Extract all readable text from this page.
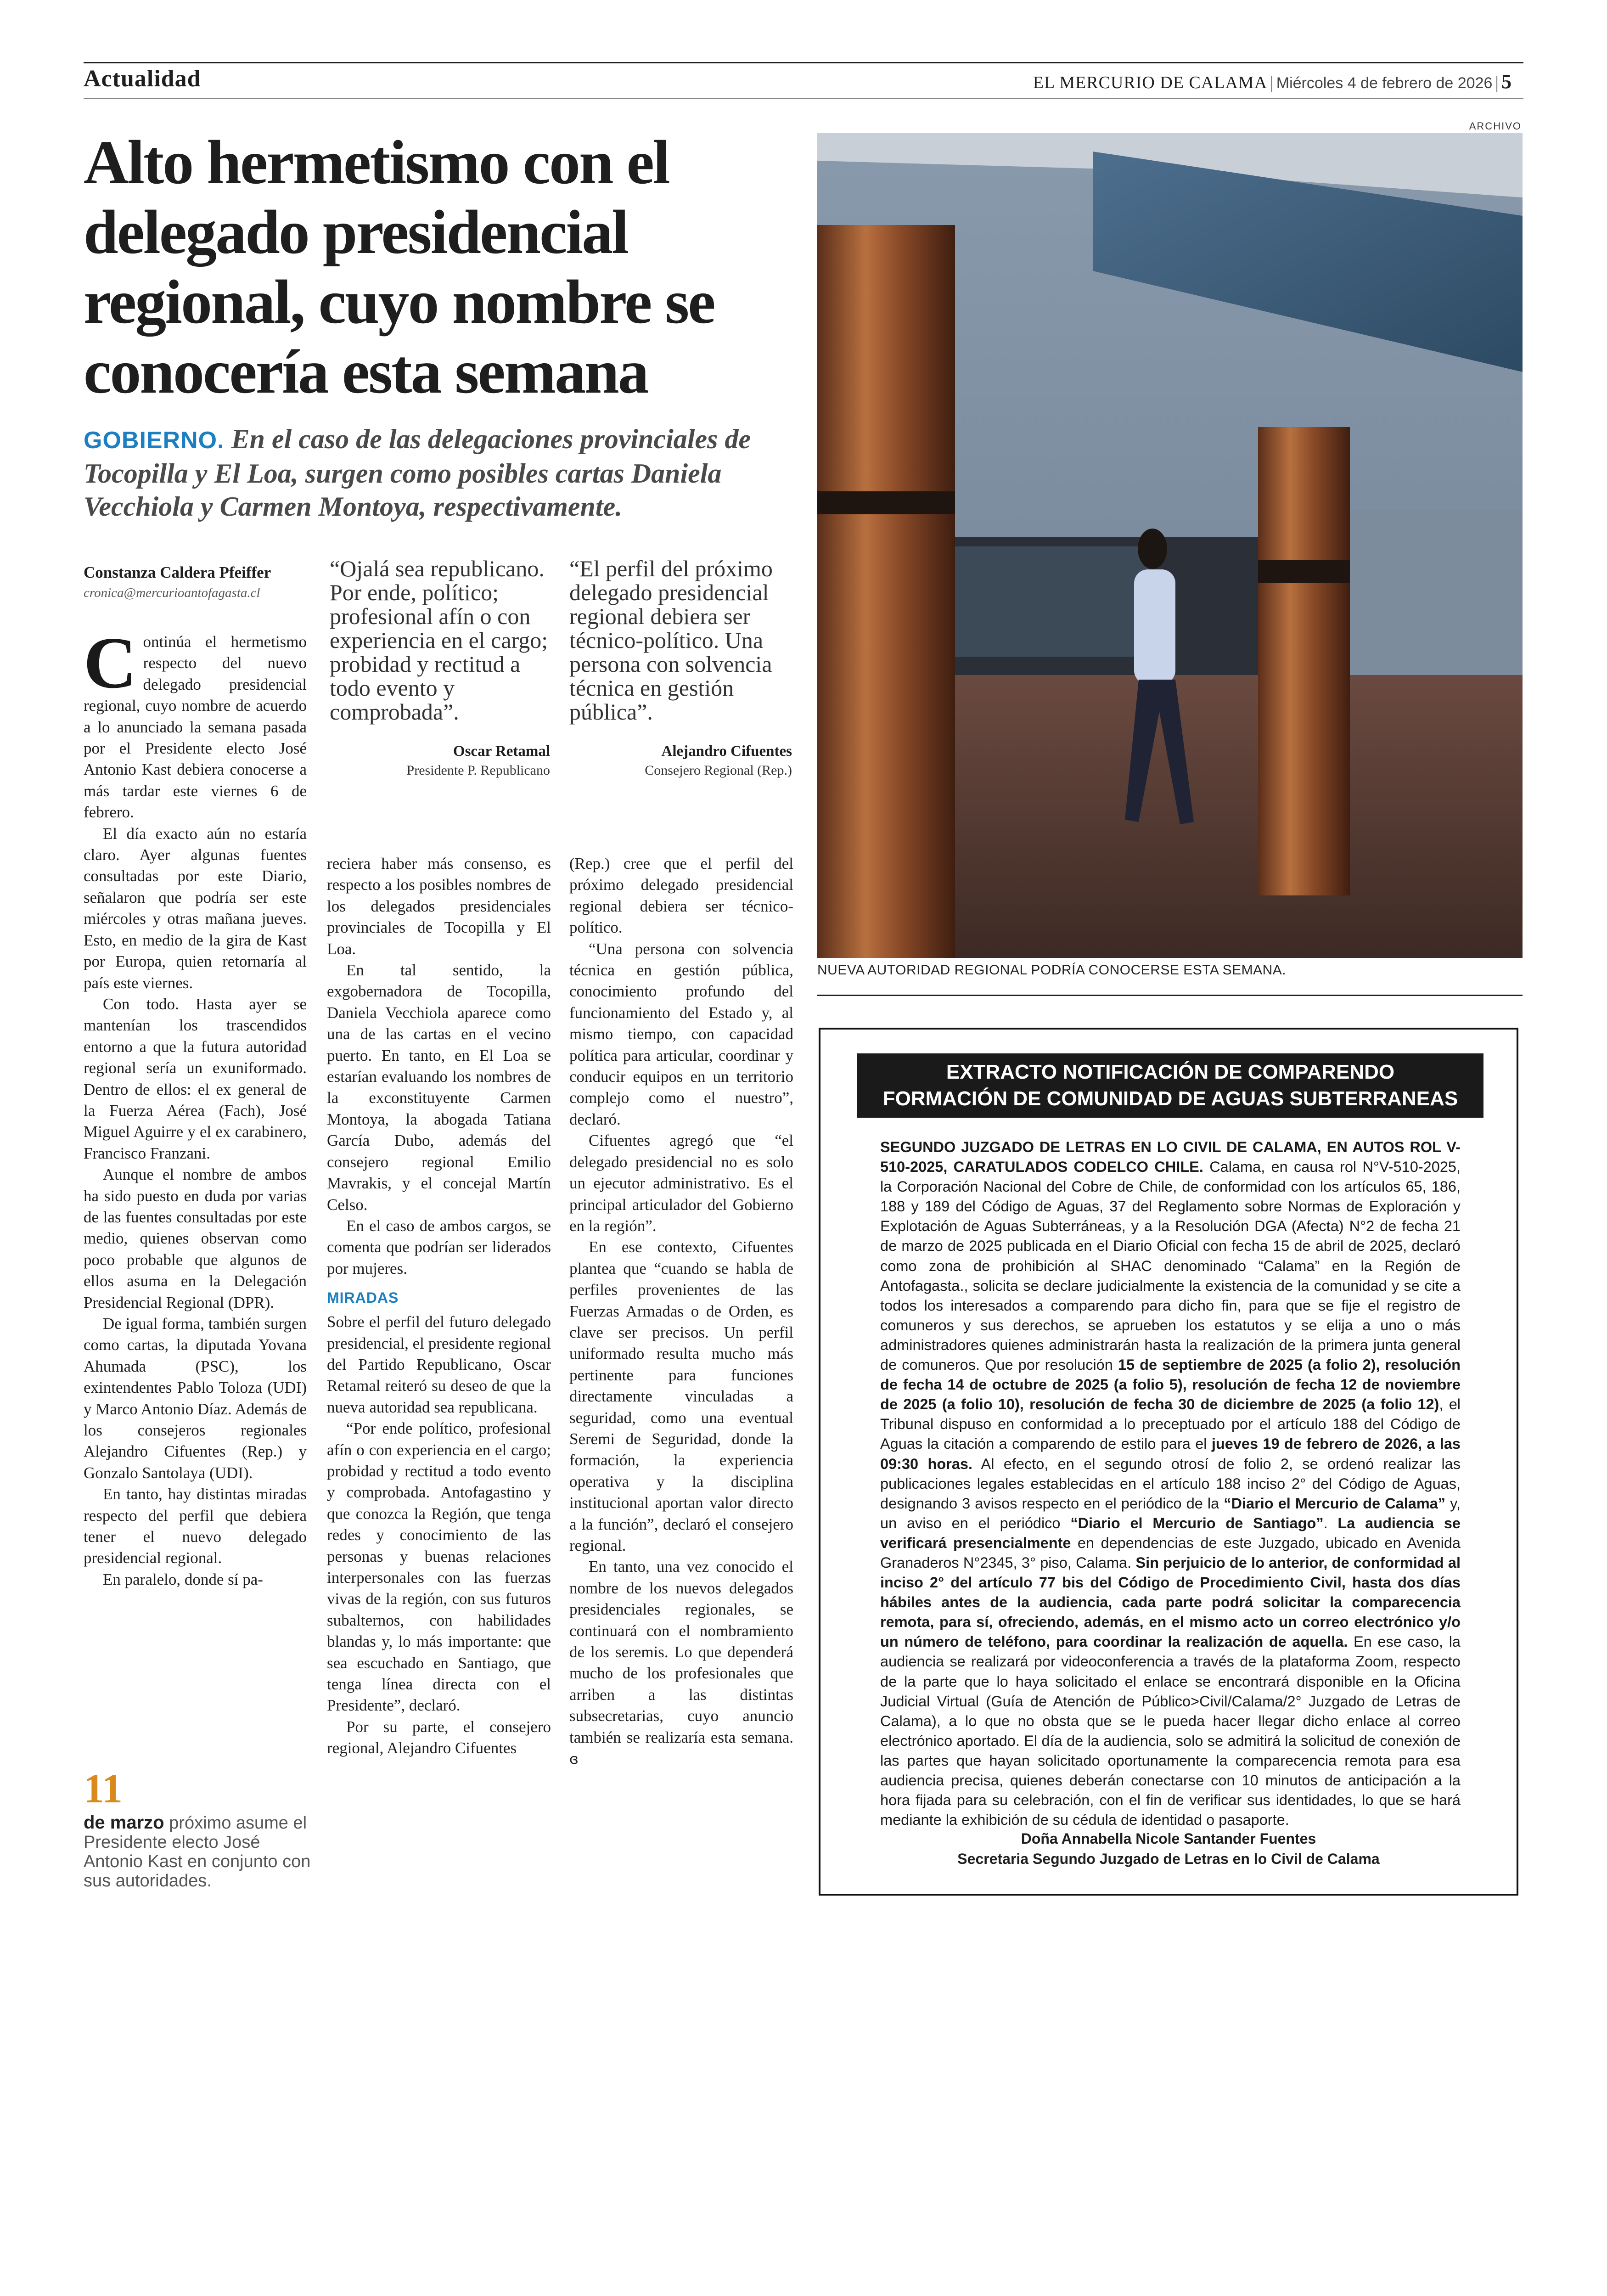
Actualidad	EL MERCURIO DE CALAMA | Miércoles 4 de febrero de 2026 | 5
Alto hermetismo con el delegado presidencial regional, cuyo nombre se conocería esta semana
GOBIERNO. En el caso de las delegaciones provinciales de Tocopilla y El Loa, surgen como posibles cartas Daniela Vecchiola y Carmen Montoya, respectivamente.
Constanza Caldera Pfeiffer
cronica@mercurioantofagasta.cl

“Ojalá sea republicano. Por ende, político; profesional afín o con experiencia en el cargo; probidad y rectitud a todo evento y comprobada”.

Oscar Retamal
Presidente P. Republicano

“El perfil del próximo delegado presidencial regional debiera ser técnico-político. Una persona con solvencia técnica en gestión pública”.

Alejandro Cifuentes
Consejero Regional (Rep.)

Continúa el hermetismo respecto del nuevo delegado presidencial regional, cuyo nombre de acuerdo a lo anunciado la semana pasada por el Presidente electo José Antonio Kast debiera conocerse a más tardar este viernes 6 de febrero.

El día exacto aún no estaría claro. Ayer algunas fuentes consultadas por este Diario, señalaron que podría ser este miércoles y otras mañana jueves. Esto, en medio de la gira de Kast por Europa, quien retornaría al país este viernes.

Con todo. Hasta ayer se mantenían los trascendidos entorno a que la futura autoridad regional sería un exuniformado. Dentro de ellos: el ex general de la Fuerza Aérea (Fach), José Miguel Aguirre y el ex carabinero, Francisco Franzani.

Aunque el nombre de ambos ha sido puesto en duda por varias de las fuentes consultadas por este medio, quienes observan como poco probable que algunos de ellos asuma en la Delegación Presidencial Regional (DPR).

De igual forma, también surgen como cartas, la diputada Yovana Ahumada (PSC), los exintendentes Pablo Toloza (UDI) y Marco Antonio Díaz. Además de los consejeros regionales Alejandro Cifuentes (Rep.) y Gonzalo Santolaya (UDI).

En tanto, hay distintas miradas respecto del perfil que debiera tener el nuevo delegado presidencial regional.

En paralelo, donde sí pa-

11
de marzo próximo asume el Presidente electo José Antonio Kast en conjunto con sus autoridades.

reciera haber más consenso, es respecto a los posibles nombres de los delegados presidenciales provinciales de Tocopilla y El Loa.

En tal sentido, la exgobernadora de Tocopilla, Daniela Vecchiola aparece como una de las cartas en el vecino puerto. En tanto, en El Loa se estarían evaluando los nombres de la exconstituyente Carmen Montoya, la abogada Tatiana García Dubo, además del consejero regional Emilio Mavrakis, y el concejal Martín Celso.

En el caso de ambos cargos, se comenta que podrían ser liderados por mujeres.

MIRADAS

Sobre el perfil del futuro delegado presidencial, el presidente regional del Partido Republicano, Oscar Retamal reiteró su deseo de que la nueva autoridad sea republicana.

“Por ende político, profesional afín o con experiencia en el cargo; probidad y rectitud a todo evento y comprobada. Antofagastino y que conozca la Región, que tenga redes y conocimiento de las personas y buenas relaciones interpersonales con las fuerzas vivas de la región, con sus futuros subalternos, con habilidades blandas y, lo más importante: que sea escuchado en Santiago, que tenga línea directa con el Presidente”, declaró.

Por su parte, el consejero regional, Alejandro Cifuentes

(Rep.) cree que el perfil del próximo delegado presidencial regional debiera ser técnico-político.

“Una persona con solvencia técnica en gestión pública, conocimiento profundo del funcionamiento del Estado y, al mismo tiempo, con capacidad política para articular, coordinar y conducir equipos en un territorio complejo como el nuestro”, declaró.

Cifuentes agregó que “el delegado presidencial no es solo un ejecutor administrativo. Es el principal articulador del Gobierno en la región”.

En ese contexto, Cifuentes plantea que “cuando se habla de perfiles provenientes de las Fuerzas Armadas o de Orden, es clave ser precisos. Un perfil uniformado resulta mucho más pertinente para funciones directamente vinculadas a seguridad, como una eventual Seremi de Seguridad, donde la formación, la experiencia operativa y la disciplina institucional aportan valor directo a la función”, declaró el consejero regional.

En tanto, una vez conocido el nombre de los nuevos delegados presidenciales regionales, se continuará con el nombramiento de los seremis. Lo que dependerá mucho de los profesionales que arriben a las distintas subsecretarias, cuyo anuncio también se realizaría esta semana. ɞ

ARCHIVO
NUEVA AUTORIDAD REGIONAL PODRÍA CONOCERSE ESTA SEMANA.
EXTRACTO NOTIFICACIÓN DE COMPARENDO
FORMACIÓN DE COMUNIDAD DE AGUAS SUBTERRANEAS

SEGUNDO JUZGADO DE LETRAS EN LO CIVIL DE CALAMA, EN AUTOS ROL V-510-2025, CARATULADOS CODELCO CHILE. Calama, en causa rol N°V-510-2025, la Corporación Nacional del Cobre de Chile, de conformidad con los artículos 65, 186, 188 y 189 del Código de Aguas, 37 del Reglamento sobre Normas de Exploración y Explotación de Aguas Subterráneas, y a la Resolución DGA (Afecta) N°2 de fecha 21 de marzo de 2025 publicada en el Diario Oficial con fecha 15 de abril de 2025, declaró como zona de prohibición al SHAC denominado “Calama” en la Región de Antofagasta., solicita se declare judicialmente la existencia de la comunidad y se cite a todos los interesados a comparendo para dicho fin, para que se fije el registro de comuneros y sus derechos, se aprueben los estatutos y se elija a uno o más administradores quienes administrarán hasta la realización de la primera junta general de comuneros. Que por resolución 15 de septiembre de 2025 (a folio 2), resolución de fecha 14 de octubre de 2025 (a folio 5), resolución de fecha 12 de noviembre de 2025 (a folio 10), resolución de fecha 30 de diciembre de 2025 (a folio 12), el Tribunal dispuso en conformidad a lo preceptuado por el artículo 188 del Código de Aguas la citación a comparendo de estilo para el jueves 19 de febrero de 2026, a las 09:30 horas. Al efecto, en el segundo otrosí de folio 2, se ordenó realizar las publicaciones legales establecidas en el artículo 188 inciso 2° del Código de Aguas, designando 3 avisos respecto en el periódico de la “Diario el Mercurio de Calama” y, un aviso en el periódico “Diario el Mercurio de Santiago”. La audiencia se verificará presencialmente en dependencias de este Juzgado, ubicado en Avenida Granaderos N°2345, 3° piso, Calama. Sin perjuicio de lo anterior, de conformidad al inciso 2° del artículo 77 bis del Código de Procedimiento Civil, hasta dos días hábiles antes de la audiencia, cada parte podrá solicitar la comparecencia remota, para sí, ofreciendo, además, en el mismo acto un correo electrónico y/o un número de teléfono, para coordinar la realización de aquella. En ese caso, la audiencia se realizará por videoconferencia a través de la plataforma Zoom, respecto de la parte que lo haya solicitado el enlace se encontrará disponible en la Oficina Judicial Virtual (Guía de Atención de Público>Civil/Calama/2° Juzgado de Letras de Calama), a lo que no obsta que se le pueda hacer llegar dicho enlace al correo electrónico aportado. El día de la audiencia, solo se admitirá la solicitud de conexión de las partes que hayan solicitado oportunamente la comparecencia remota para esa audiencia precisa, quienes deberán conectarse con 10 minutos de anticipación a la hora fijada para su celebración, con el fin de verificar sus identidades, lo que se hará mediante la exhibición de su cédula de identidad o pasaporte.

Doña Annabella Nicole Santander Fuentes
Secretaria Segundo Juzgado de Letras en lo Civil de Calama
